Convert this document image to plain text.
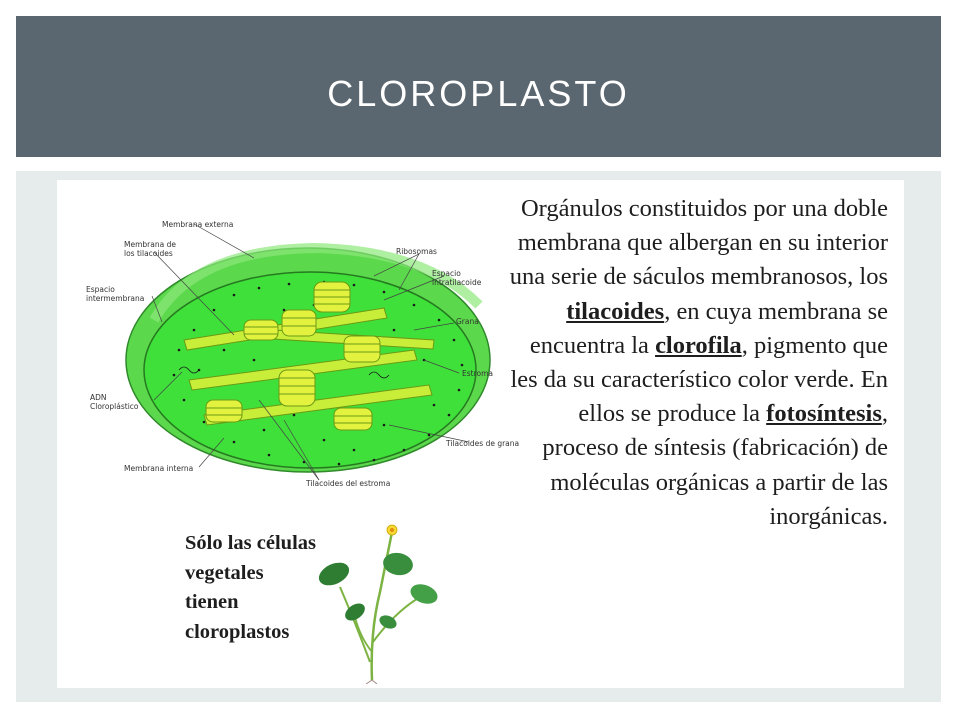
CLOROPLASTO
Membrana externa
Membrana de
los tilacoides
Espacio
intermembrana
Ribosomas
Espacio
intratilacoide
Grana
Estroma
ADN
Cloroplástico
Tilacoides de grana
Membrana interna
Tilacoides del estroma
Orgánulos constituidos por una doble membrana que albergan en su interior una serie de sáculos membranosos, los tilacoides, en cuya membrana se encuentra la clorofila, pigmento que les da su característico color verde. En ellos se produce la fotosíntesis, proceso de síntesis (fabricación) de moléculas orgánicas a partir de las inorgánicas.
Sólo las células
vegetales
tienen
cloroplastos
